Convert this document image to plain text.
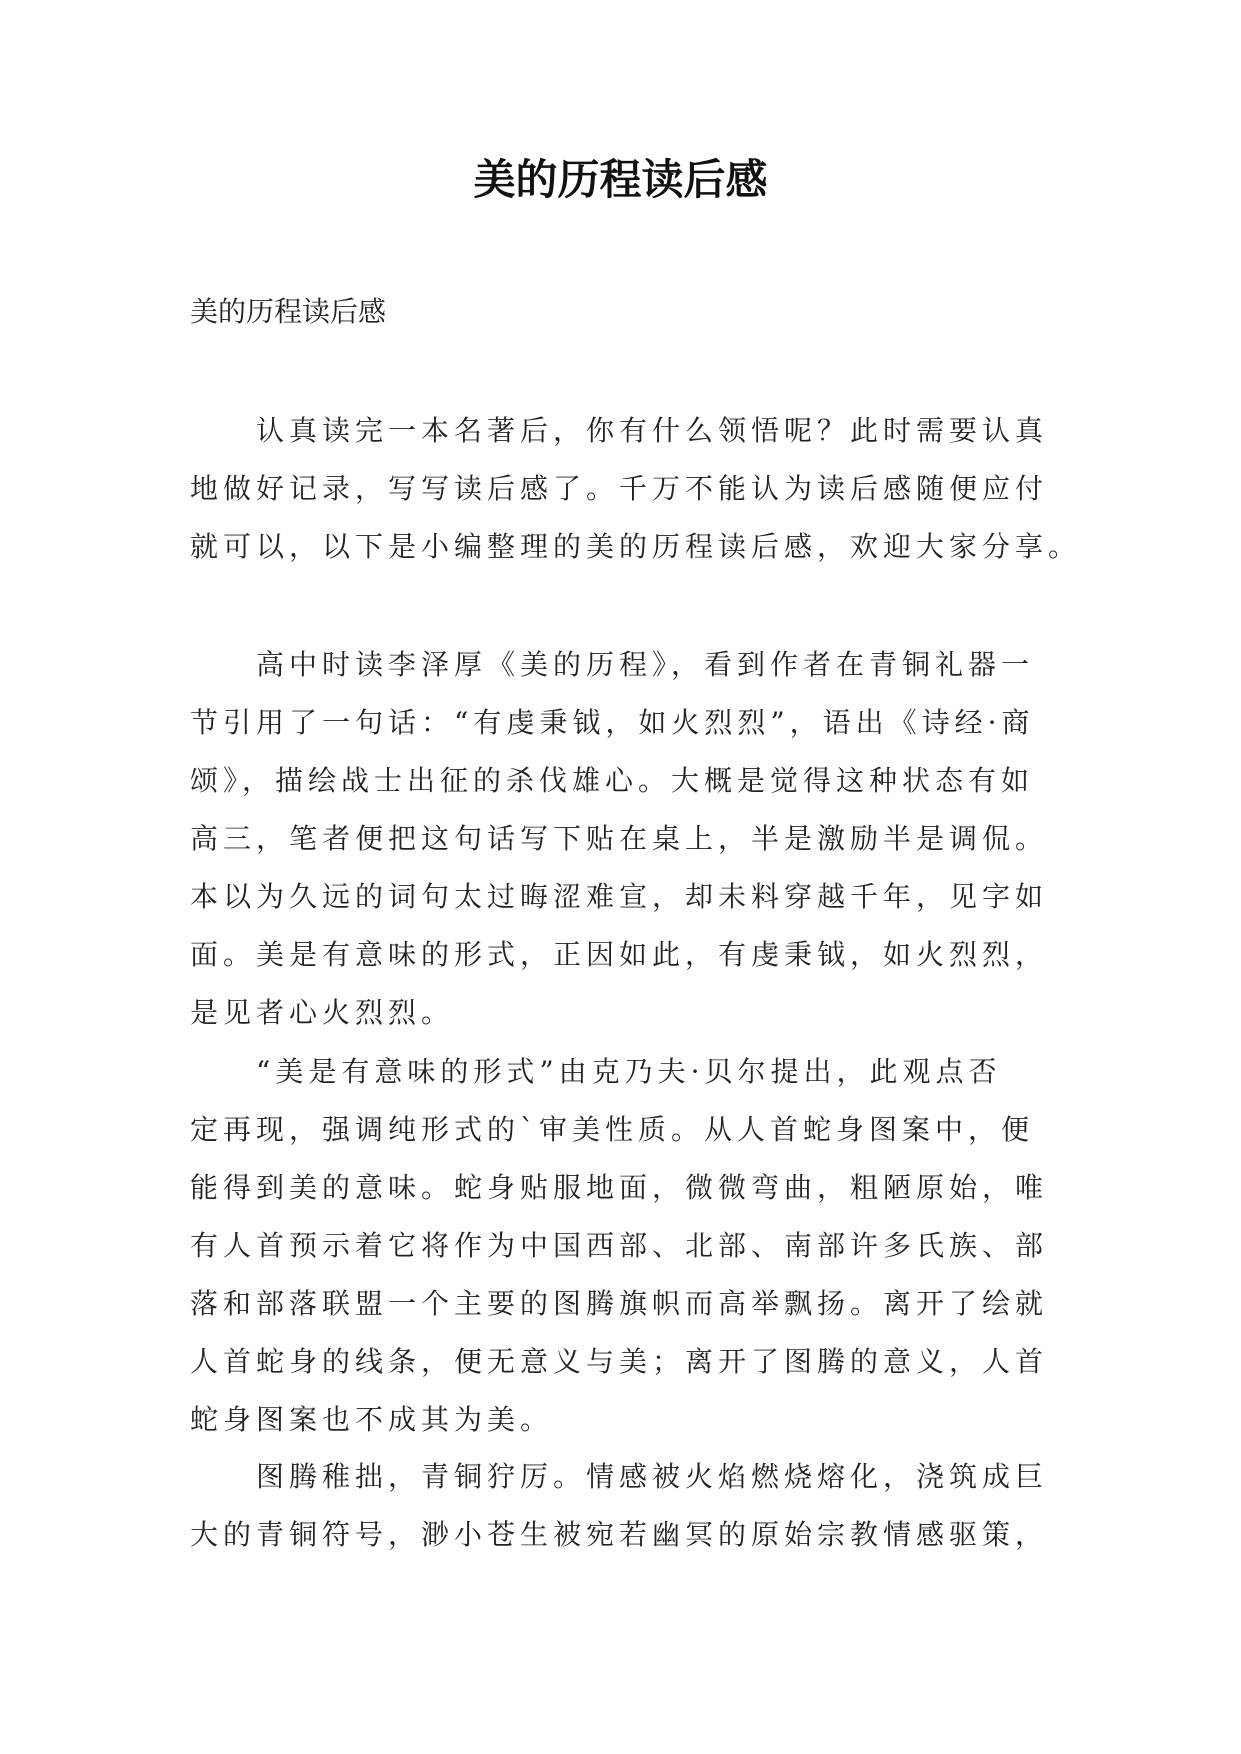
美的历程读后感

美的历程读后感

认真读完一本名著后，你有什么领悟呢？此时需要认真
地做好记录，写写读后感了。千万不能认为读后感随便应付
就可以，以下是小编整理的美的历程读后感，欢迎大家分享。

高中时读李泽厚《美的历程》，看到作者在青铜礼器一
节引用了一句话：“有虔秉钺，如火烈烈”，语出《诗经·商
颂》，描绘战士出征的杀伐雄心。大概是觉得这种状态有如
高三，笔者便把这句话写下贴在桌上，半是激励半是调侃。
本以为久远的词句太过晦涩难宣，却未料穿越千年，见字如
面。美是有意味的形式，正因如此，有虔秉钺，如火烈烈，
是见者心火烈烈。

“美是有意味的形式”由克乃夫·贝尔提出，此观点否
定再现，强调纯形式的`审美性质。从人首蛇身图案中，便
能得到美的意味。蛇身贴服地面，微微弯曲，粗陋原始，唯
有人首预示着它将作为中国西部、北部、南部许多氏族、部
落和部落联盟一个主要的图腾旗帜而高举飘扬。离开了绘就
人首蛇身的线条，便无意义与美；离开了图腾的意义，人首
蛇身图案也不成其为美。

图腾稚拙，青铜狞厉。情感被火焰燃烧熔化，浇筑成巨
大的青铜符号，渺小苍生被宛若幽冥的原始宗教情感驱策，
